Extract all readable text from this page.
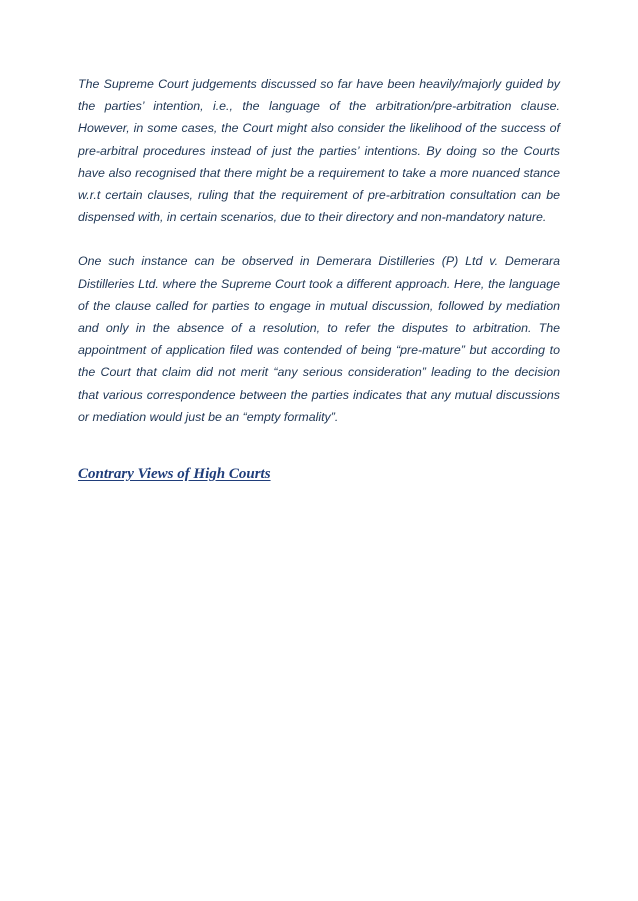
The Supreme Court judgements discussed so far have been heavily/majorly guided by the parties’ intention, i.e., the language of the arbitration/pre-arbitration clause. However, in some cases, the Court might also consider the likelihood of the success of pre-arbitral procedures instead of just the parties’ intentions. By doing so the Courts have also recognised that there might be a requirement to take a more nuanced stance w.r.t certain clauses, ruling that the requirement of pre-arbitration consultation can be dispensed with, in certain scenarios, due to their directory and non-mandatory nature.

One such instance can be observed in Demerara Distilleries (P) Ltd v. Demerara Distilleries Ltd. where the Supreme Court took a different approach. Here, the language of the clause called for parties to engage in mutual discussion, followed by mediation and only in the absence of a resolution, to refer the disputes to arbitration. The appointment of application filed was contended of being “pre-mature” but according to the Court that claim did not merit “any serious consideration” leading to the decision that various correspondence between the parties indicates that any mutual discussions or mediation would just be an “empty formality”.

Contrary Views of High Courts
